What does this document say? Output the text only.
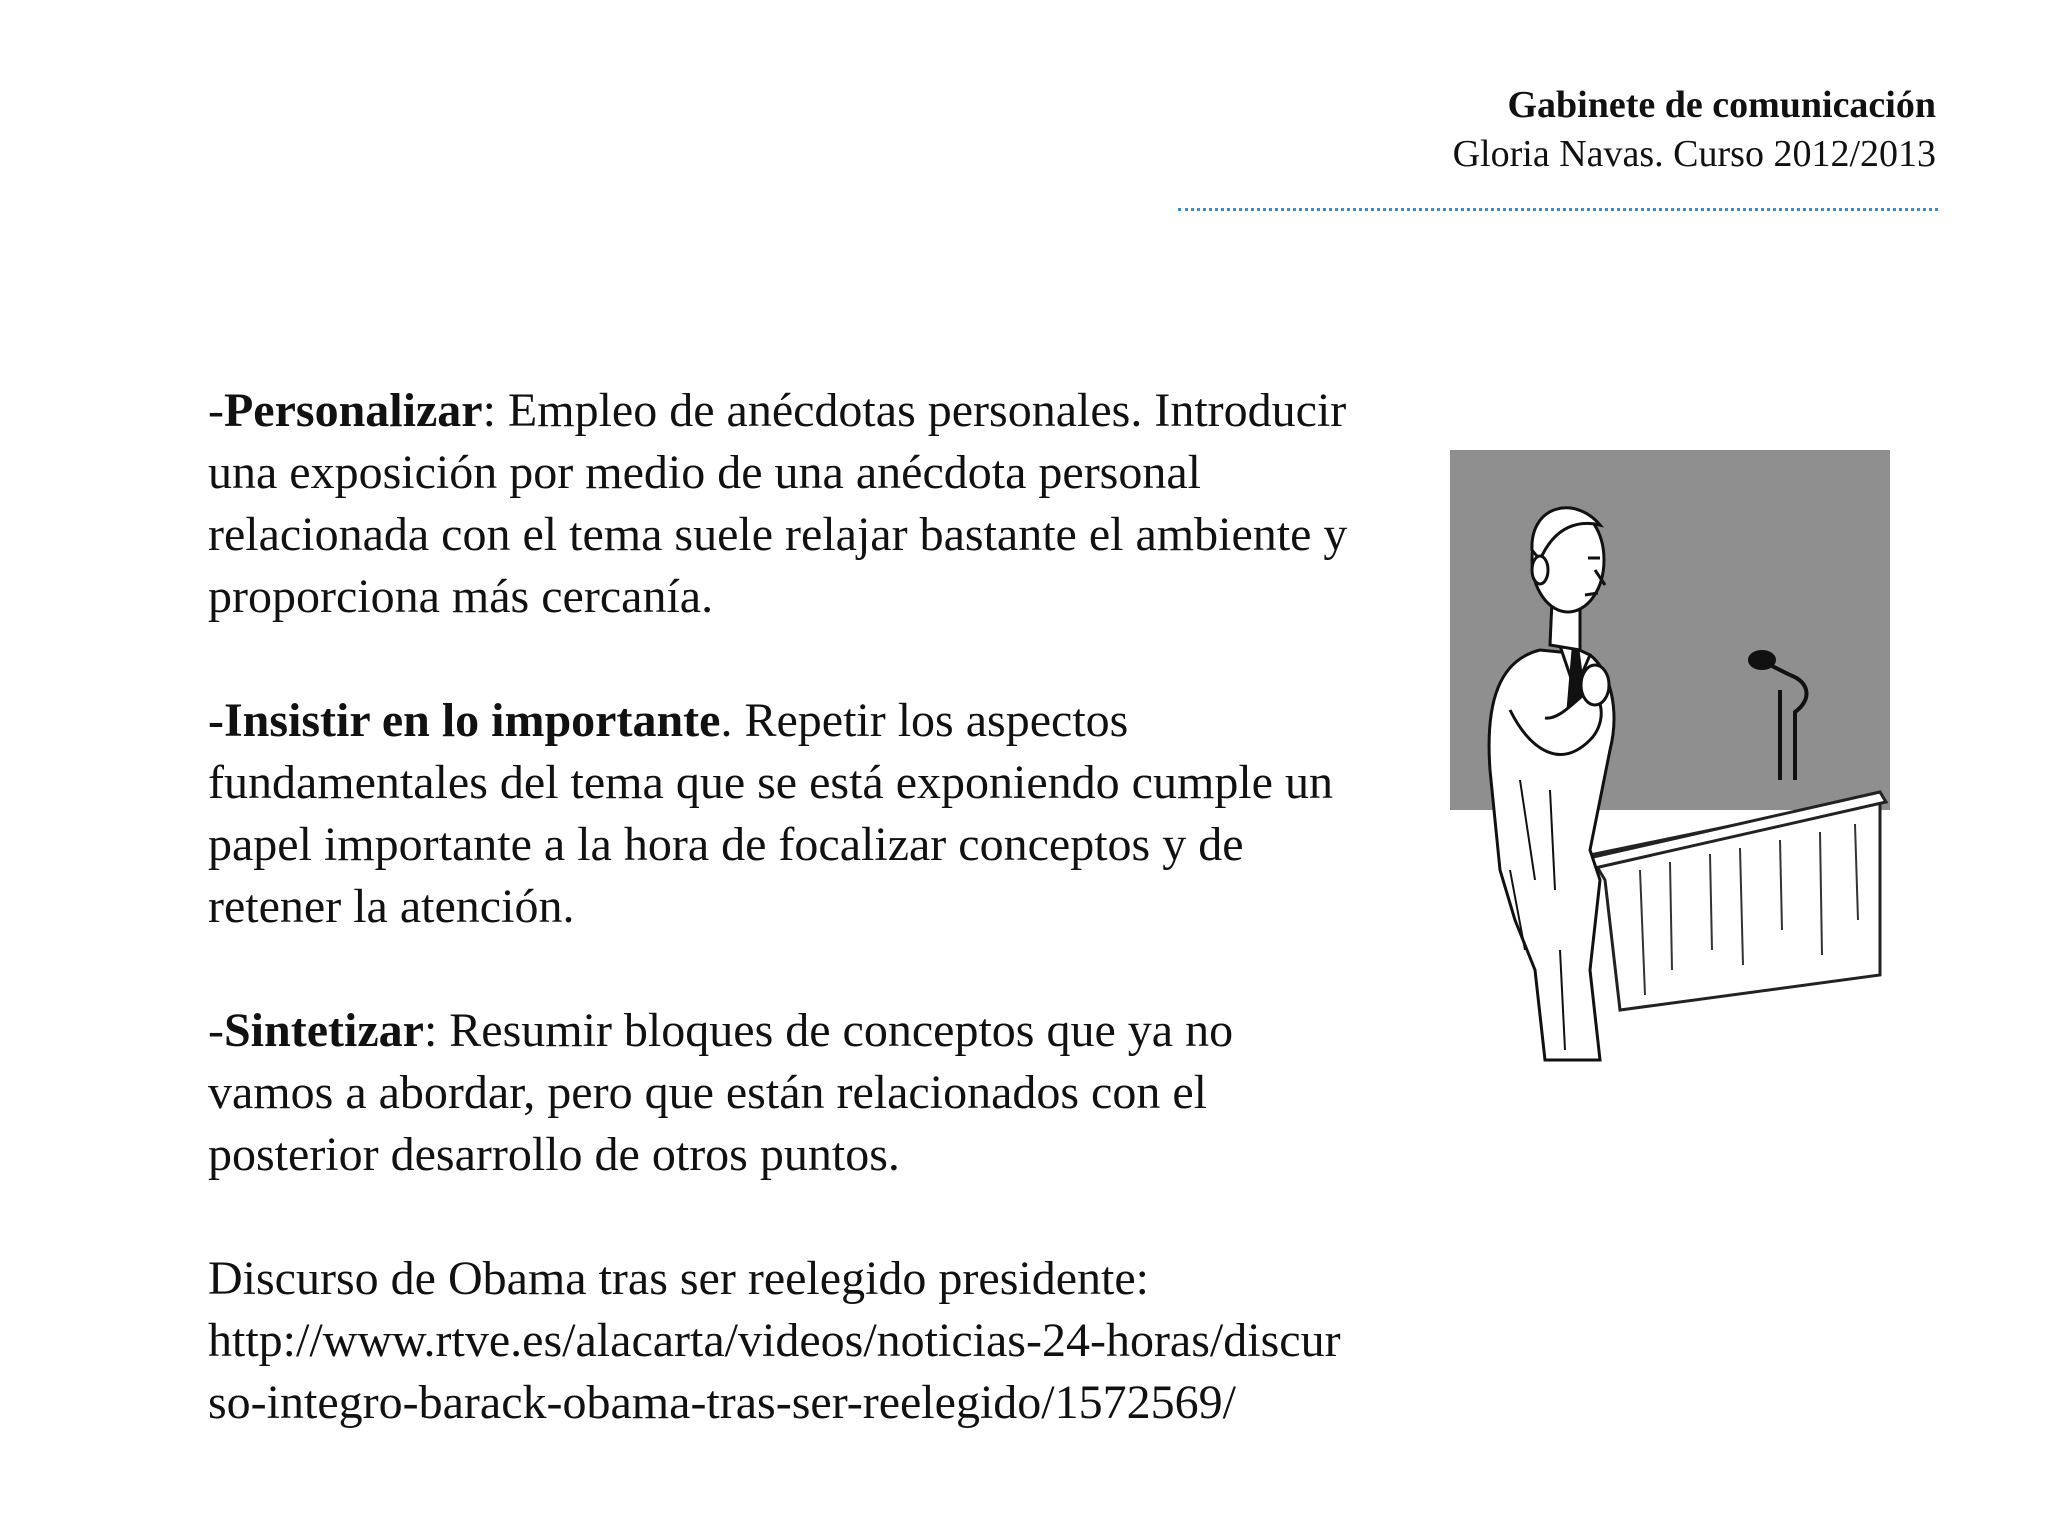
Gabinete de comunicación

Gloria Navas. Curso 2012/2013

-Personalizar: Empleo de anécdotas personales. Introducir una exposición por medio de una anécdota personal relacionada con el tema suele relajar bastante el ambiente y proporciona más cercanía.

-Insistir en lo importante. Repetir los aspectos fundamentales del tema que se está exponiendo cumple un papel importante a la hora de focalizar conceptos y de retener la atención.

-Sintetizar: Resumir bloques de conceptos que ya no vamos a abordar, pero que están relacionados con el posterior desarrollo de otros puntos.

Discurso de Obama tras ser reelegido presidente:
http://www.rtve.es/alacarta/videos/noticias-24-horas/discurso-integro-barack-obama-tras-ser-reelegido/1572569/
